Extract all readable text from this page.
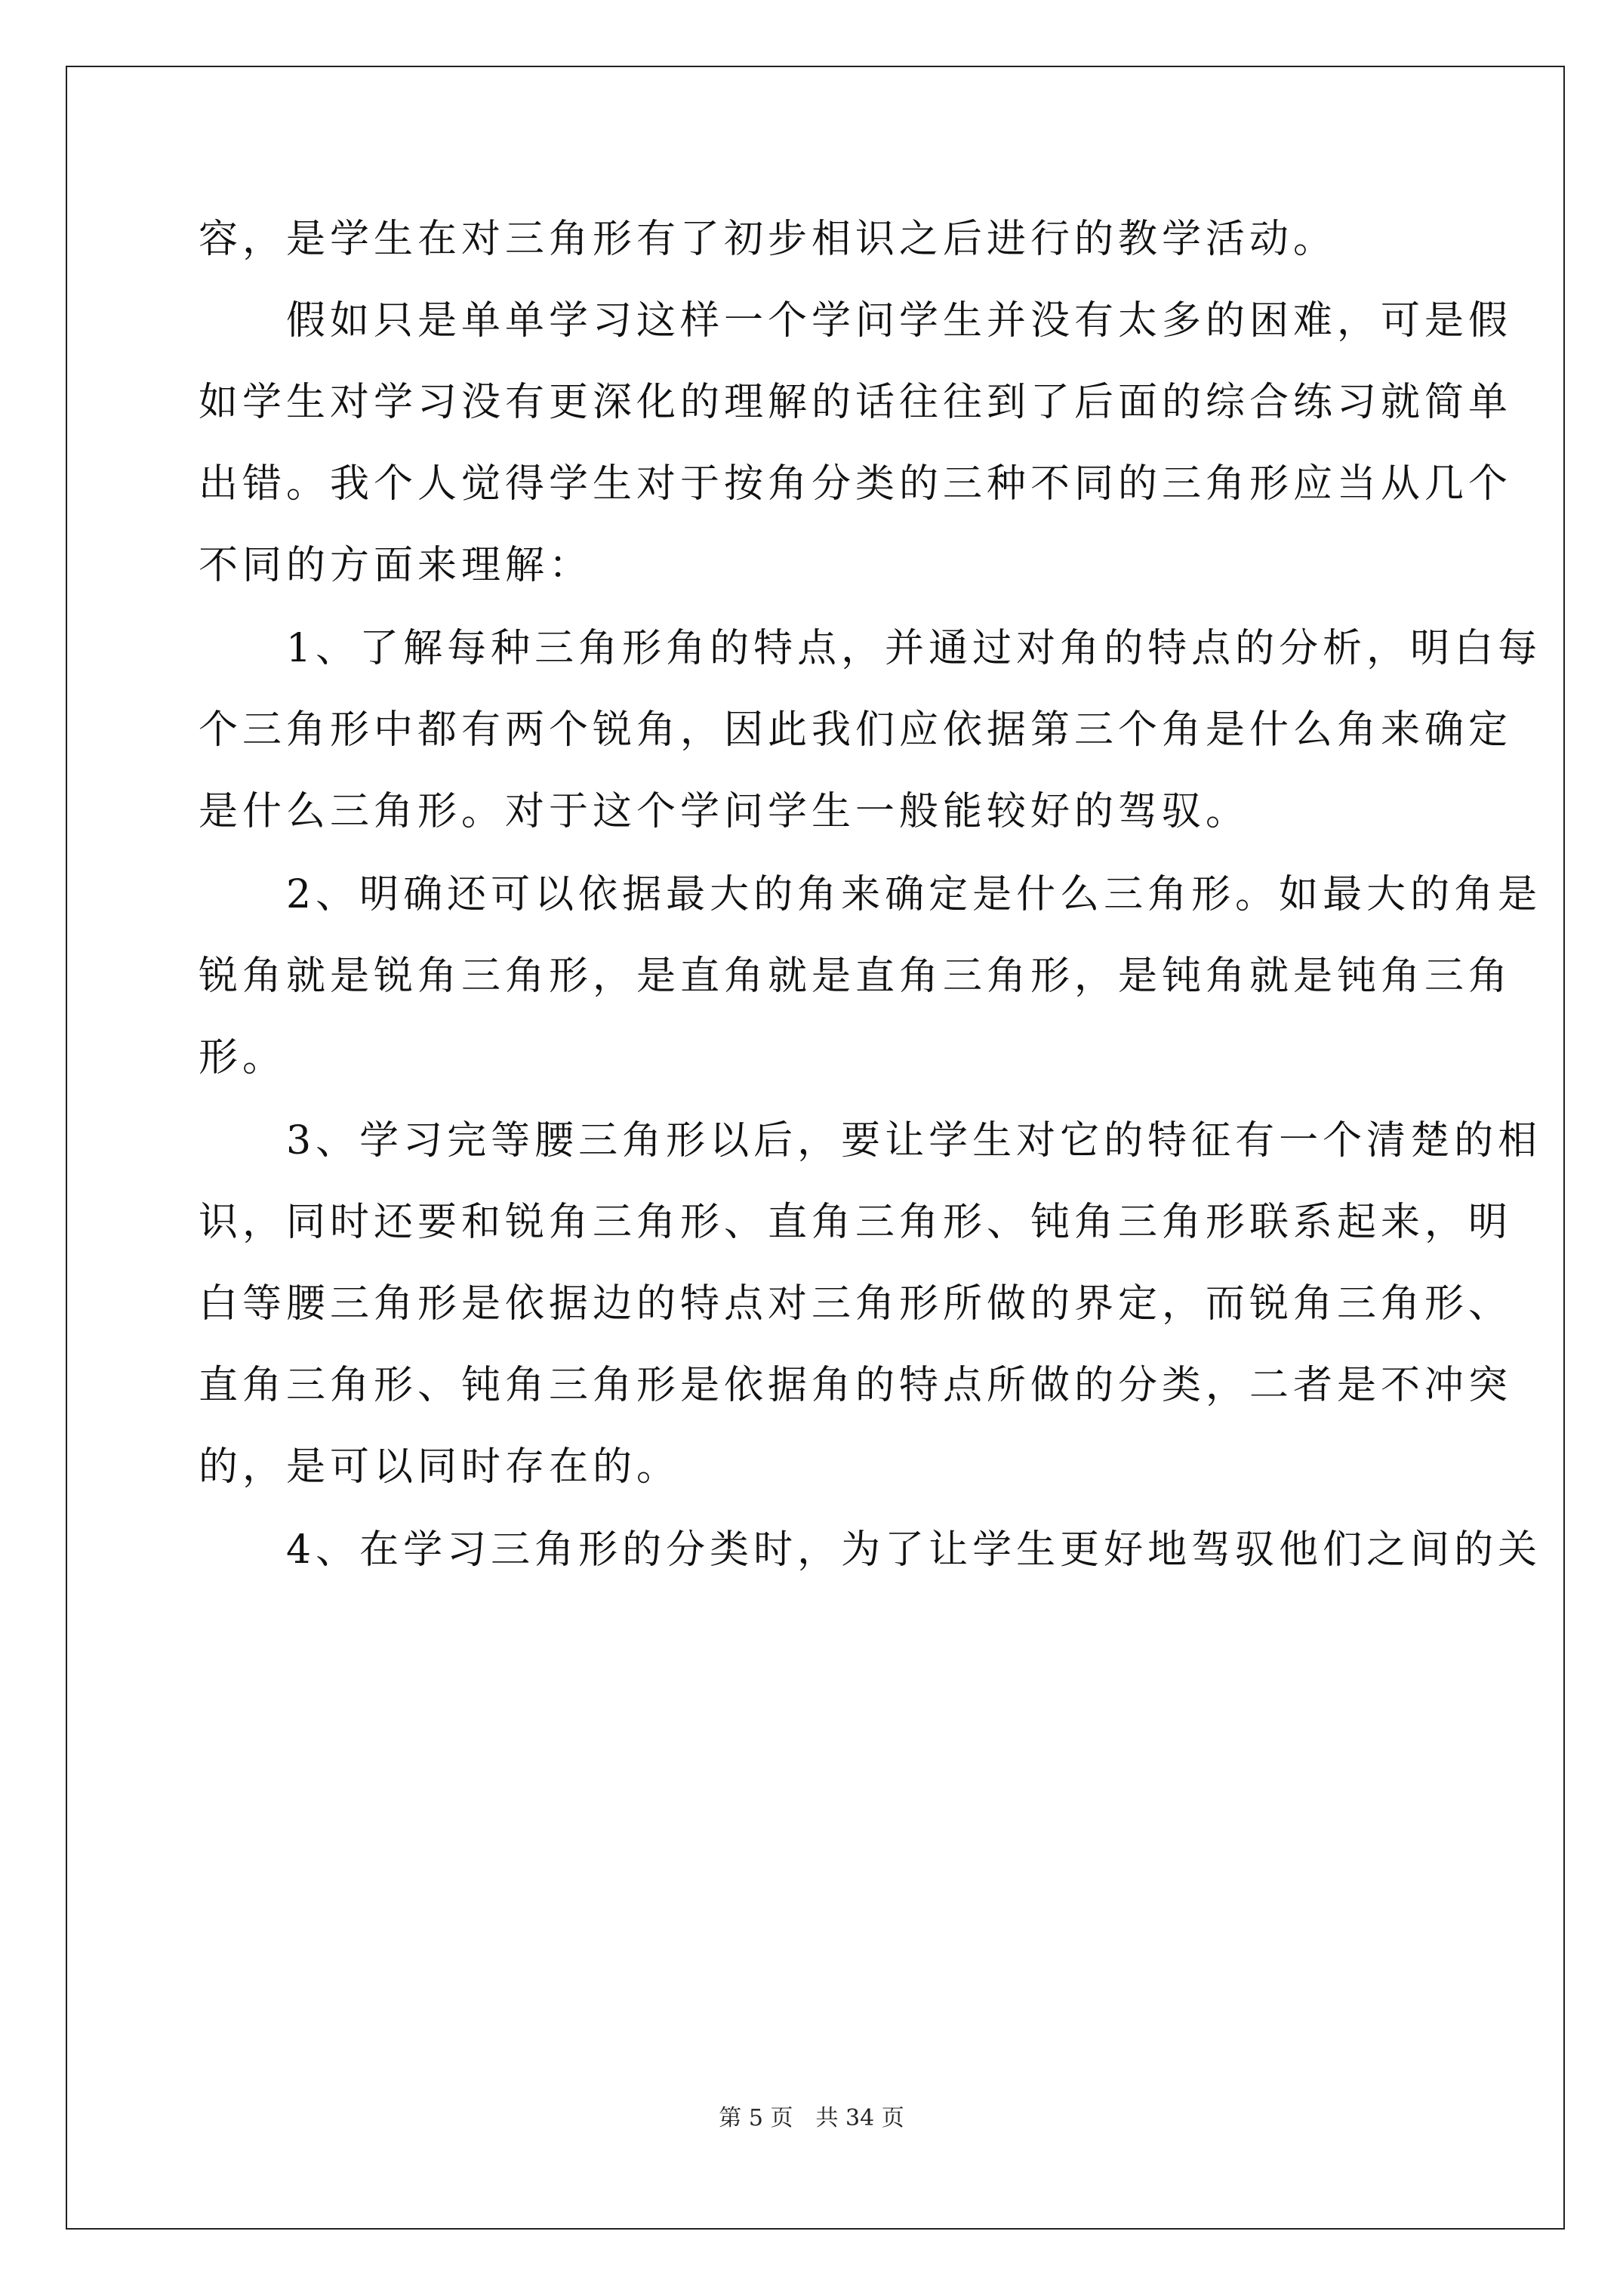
容，是学生在对三角形有了初步相识之后进行的教学活动。
　　假如只是单单学习这样一个学问学生并没有太多的困难，可是假
如学生对学习没有更深化的理解的话往往到了后面的综合练习就简单
出错。我个人觉得学生对于按角分类的三种不同的三角形应当从几个
不同的方面来理解：
　　1、了解每种三角形角的特点，并通过对角的特点的分析，明白每
个三角形中都有两个锐角，因此我们应依据第三个角是什么角来确定
是什么三角形。对于这个学问学生一般能较好的驾驭。
　　2、明确还可以依据最大的角来确定是什么三角形。如最大的角是
锐角就是锐角三角形，是直角就是直角三角形，是钝角就是钝角三角
形。
　　3、学习完等腰三角形以后，要让学生对它的特征有一个清楚的相
识，同时还要和锐角三角形、直角三角形、钝角三角形联系起来，明
白等腰三角形是依据边的特点对三角形所做的界定，而锐角三角形、
直角三角形、钝角三角形是依据角的特点所做的分类，二者是不冲突
的，是可以同时存在的。
　　4、在学习三角形的分类时，为了让学生更好地驾驭他们之间的关
第 5 页　共 34 页
